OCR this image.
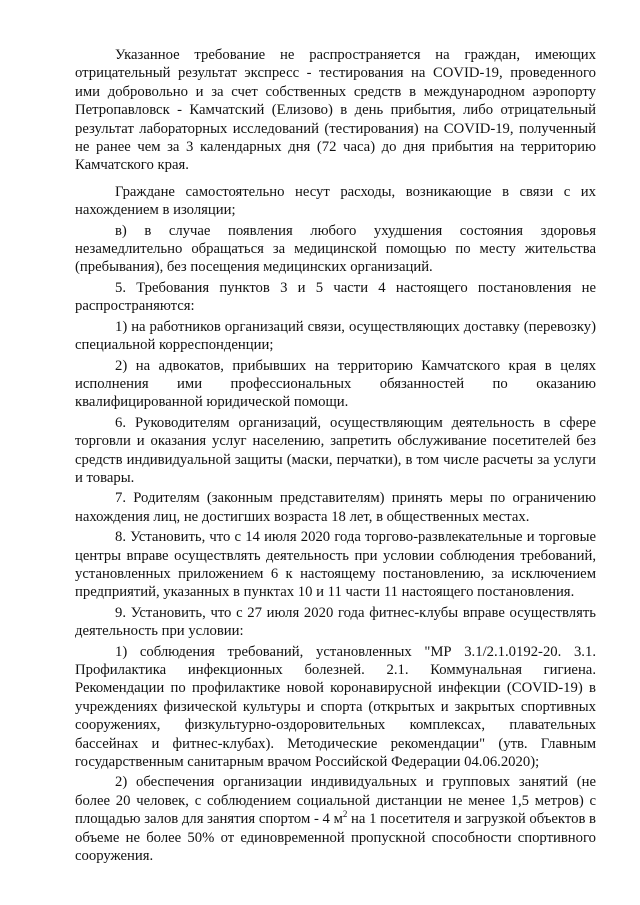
Указанное требование не распространяется на граждан, имеющих отрицательный результат экспресс - тестирования на COVID-19, проведенного ими добровольно и за счет собственных средств в международном аэропорту Петропавловск - Камчатский (Елизово) в день прибытия, либо отрицательный результат лабораторных исследований (тестирования) на COVID-19, полученный не ранее чем за 3 календарных дня (72 часа) до дня прибытия на территорию Камчатского края.

Граждане самостоятельно несут расходы, возникающие в связи с их нахождением в изоляции;

в) в случае появления любого ухудшения состояния здоровья незамедлительно обращаться за медицинской помощью по месту жительства (пребывания), без посещения медицинских организаций.

5. Требования пунктов 3 и 5 части 4 настоящего постановления не распространяются:

1) на работников организаций связи, осуществляющих доставку (перевозку) специальной корреспонденции;

2) на адвокатов, прибывших на территорию Камчатского края в целях исполнения ими профессиональных обязанностей по оказанию квалифицированной юридической помощи.

6. Руководителям организаций, осуществляющим деятельность в сфере торговли и оказания услуг населению, запретить обслуживание посетителей без средств индивидуальной защиты (маски, перчатки), в том числе расчеты за услуги и товары.

7. Родителям (законным представителям) принять меры по ограничению нахождения лиц, не достигших возраста 18 лет, в общественных местах.

8. Установить, что с 14 июля 2020 года торгово-развлекательные и торговые центры вправе осуществлять деятельность при условии соблюдения требований, установленных приложением 6 к настоящему постановлению, за исключением предприятий, указанных в пунктах 10 и 11 части 11 настоящего постановления.

9. Установить, что с 27 июля 2020 года фитнес-клубы вправе осуществлять деятельность при условии:

1) соблюдения требований, установленных "МР 3.1/2.1.0192-20. 3.1. Профилактика инфекционных болезней. 2.1. Коммунальная гигиена. Рекомендации по профилактике новой коронавирусной инфекции (COVID-19) в учреждениях физической культуры и спорта (открытых и закрытых спортивных сооружениях, физкультурно-оздоровительных комплексах, плавательных бассейнах и фитнес-клубах). Методические рекомендации" (утв. Главным государственным санитарным врачом Российской Федерации 04.06.2020);

2) обеспечения организации индивидуальных и групповых занятий (не более 20 человек, с соблюдением социальной дистанции не менее 1,5 метров) с площадью залов для занятия спортом - 4 $м^2$ на 1 посетителя и загрузкой объектов в объеме не более 50% от единовременной пропускной способности спортивного сооружения.
